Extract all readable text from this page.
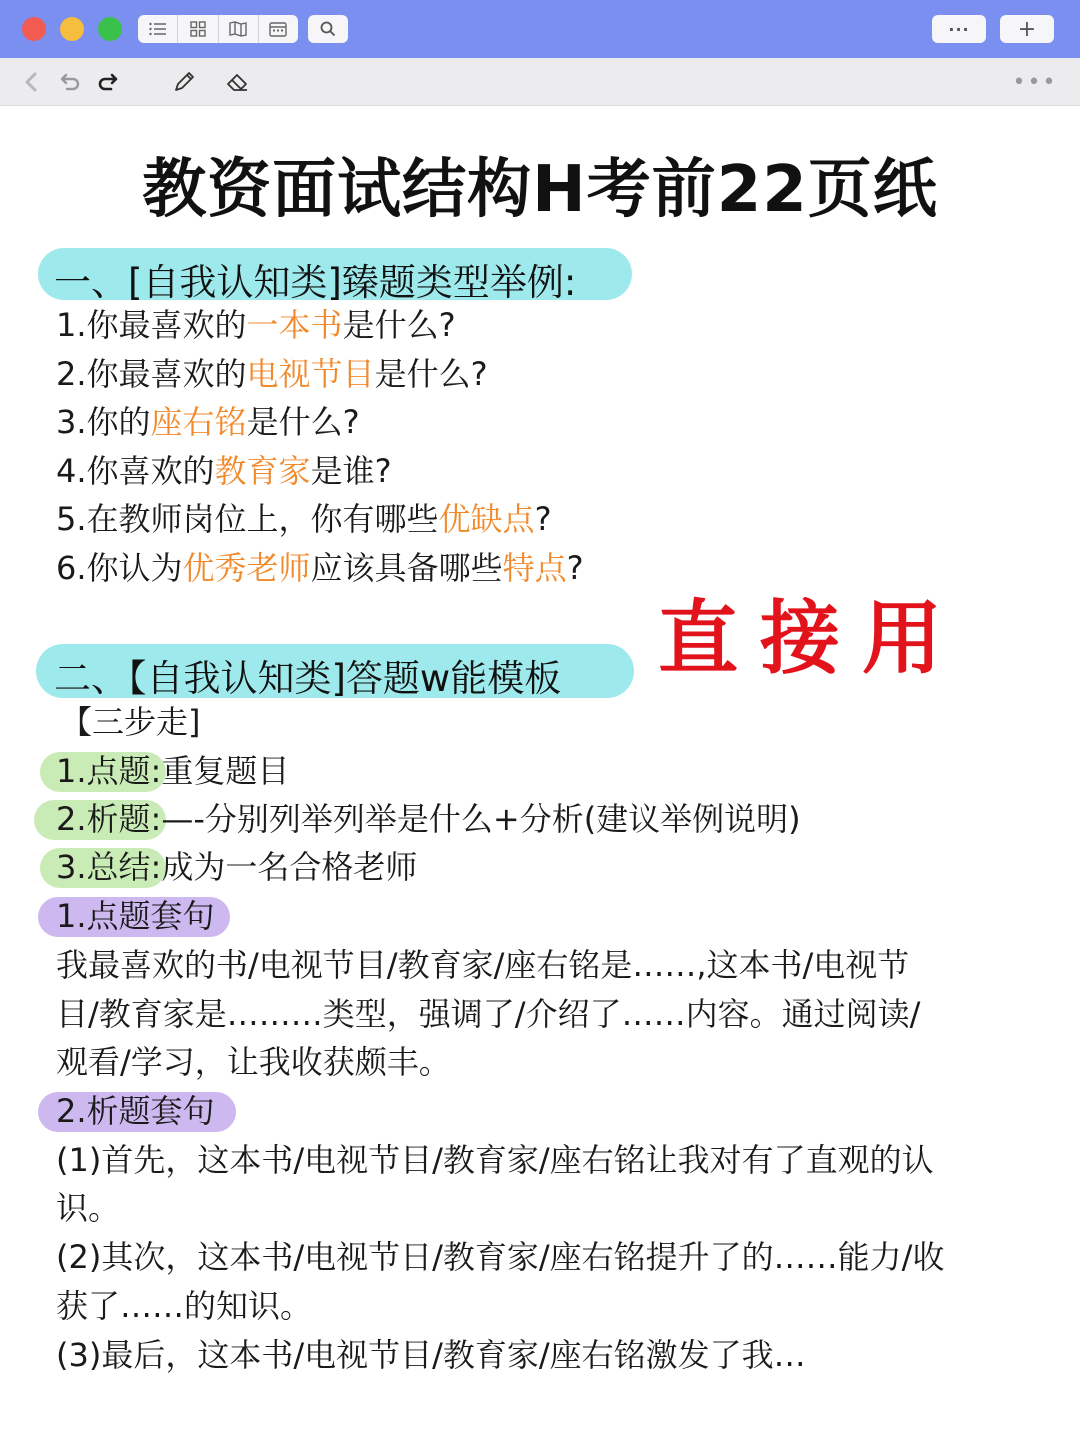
···	+
•••
教资面试结构H考前22页纸
一、[自我认知类]臻题类型举例:
1.你最喜欢的一本书是什么?
2.你最喜欢的电视节目是什么?
3.你的座右铭是什么?
4.你喜欢的教育家是谁?
5.在教师岗位上，你有哪些优缺点?
6.你认为优秀老师应该具备哪些特点?
直接用
二、【自我认知类]答题w能模板
【三步走]
1.点题:重复题目
2.析题:—-分别列举列举是什么+分析(建议举例说明)
3.总结:成为一名合格老师
1.点题套句
我最喜欢的书/电视节目/教育家/座右铭是……,这本书/电视节
目/教育家是………类型，强调了/介绍了……内容。通过阅读/
观看/学习，让我收获颇丰。
2.析题套句
(1)首先，这本书/电视节目/教育家/座右铭让我对有了直观的认
识。
(2)其次，这本书/电视节日/教育家/座右铭提升了的……能力/收
获了……的知识。
(3)最后，这本书/电视节目/教育家/座右铭激发了我…
